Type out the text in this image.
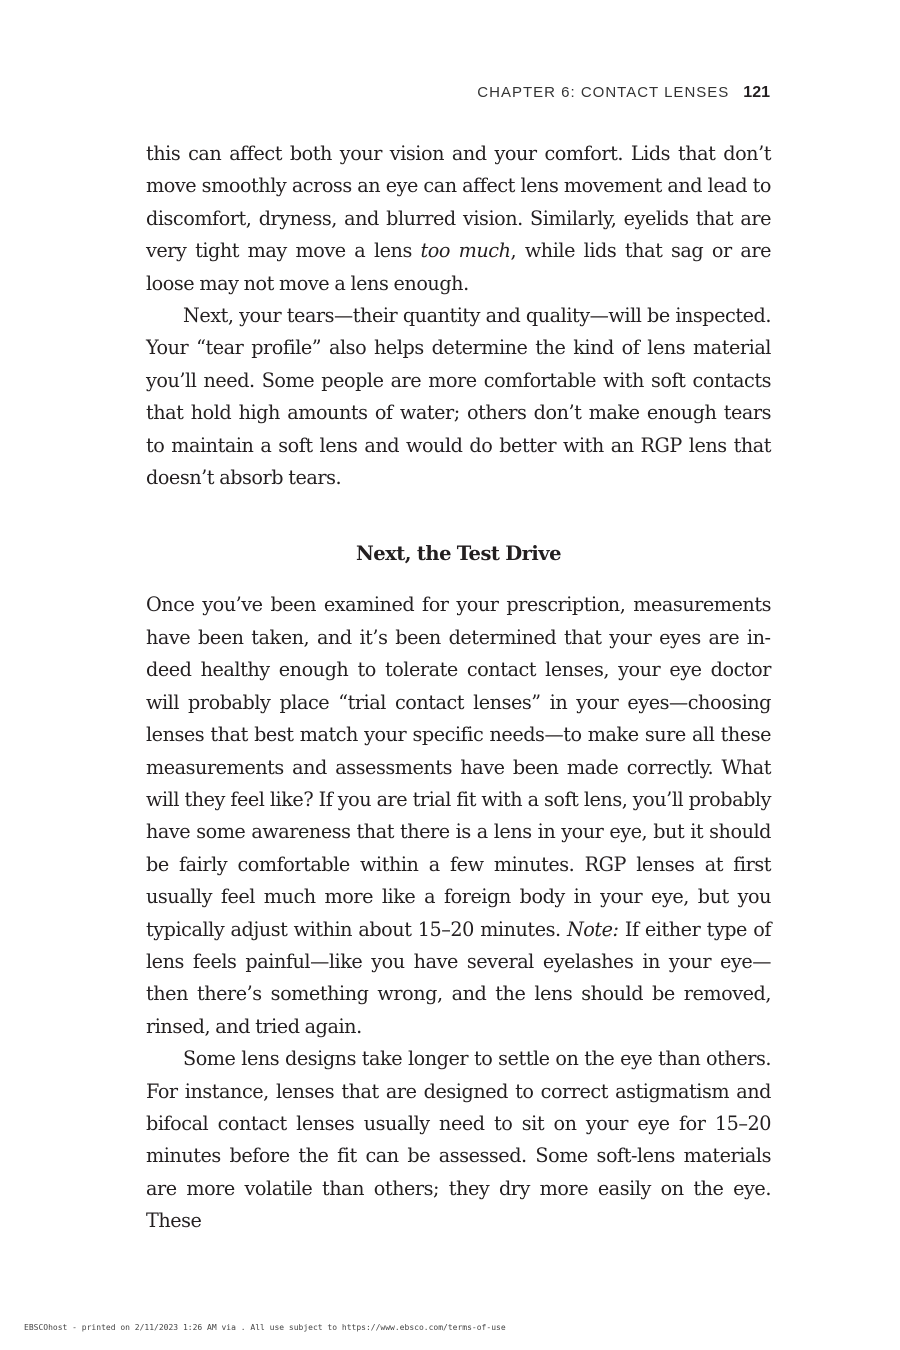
CHAPTER 6: CONTACT LENSES 121

this can affect both your vision and your comfort. Lids that don’t move smoothly across an eye can affect lens movement and lead to discomfort, dryness, and blurred vision. Similarly, eyelids that are very tight may move a lens too much, while lids that sag or are loose may not move a lens enough.

Next, your tears—their quantity and quality—will be inspected. Your “tear profile” also helps determine the kind of lens material you’ll need. Some people are more comfortable with soft contacts that hold high amounts of water; others don’t make enough tears to maintain a soft lens and would do better with an RGP lens that doesn’t absorb tears.

Next, the Test Drive

Once you’ve been examined for your prescription, measurements have been taken, and it’s been determined that your eyes are indeed healthy enough to tolerate contact lenses, your eye doctor will probably place “trial contact lenses” in your eyes—choosing lenses that best match your specific needs—to make sure all these measurements and assessments have been made correctly. What will they feel like? If you are trial fit with a soft lens, you’ll probably have some awareness that there is a lens in your eye, but it should be fairly comfortable within a few minutes. RGP lenses at first usually feel much more like a foreign body in your eye, but you typically adjust within about 15–20 minutes. Note: If either type of lens feels painful—like you have several eyelashes in your eye—then there’s something wrong, and the lens should be removed, rinsed, and tried again.

Some lens designs take longer to settle on the eye than others. For instance, lenses that are designed to correct astigmatism and bifocal contact lenses usually need to sit on your eye for 15–20 minutes before the fit can be assessed. Some soft-lens materials are more volatile than others; they dry more easily on the eye. These

EBSCOhost - printed on 2/11/2023 1:26 AM via . All use subject to https://www.ebsco.com/terms-of-use
